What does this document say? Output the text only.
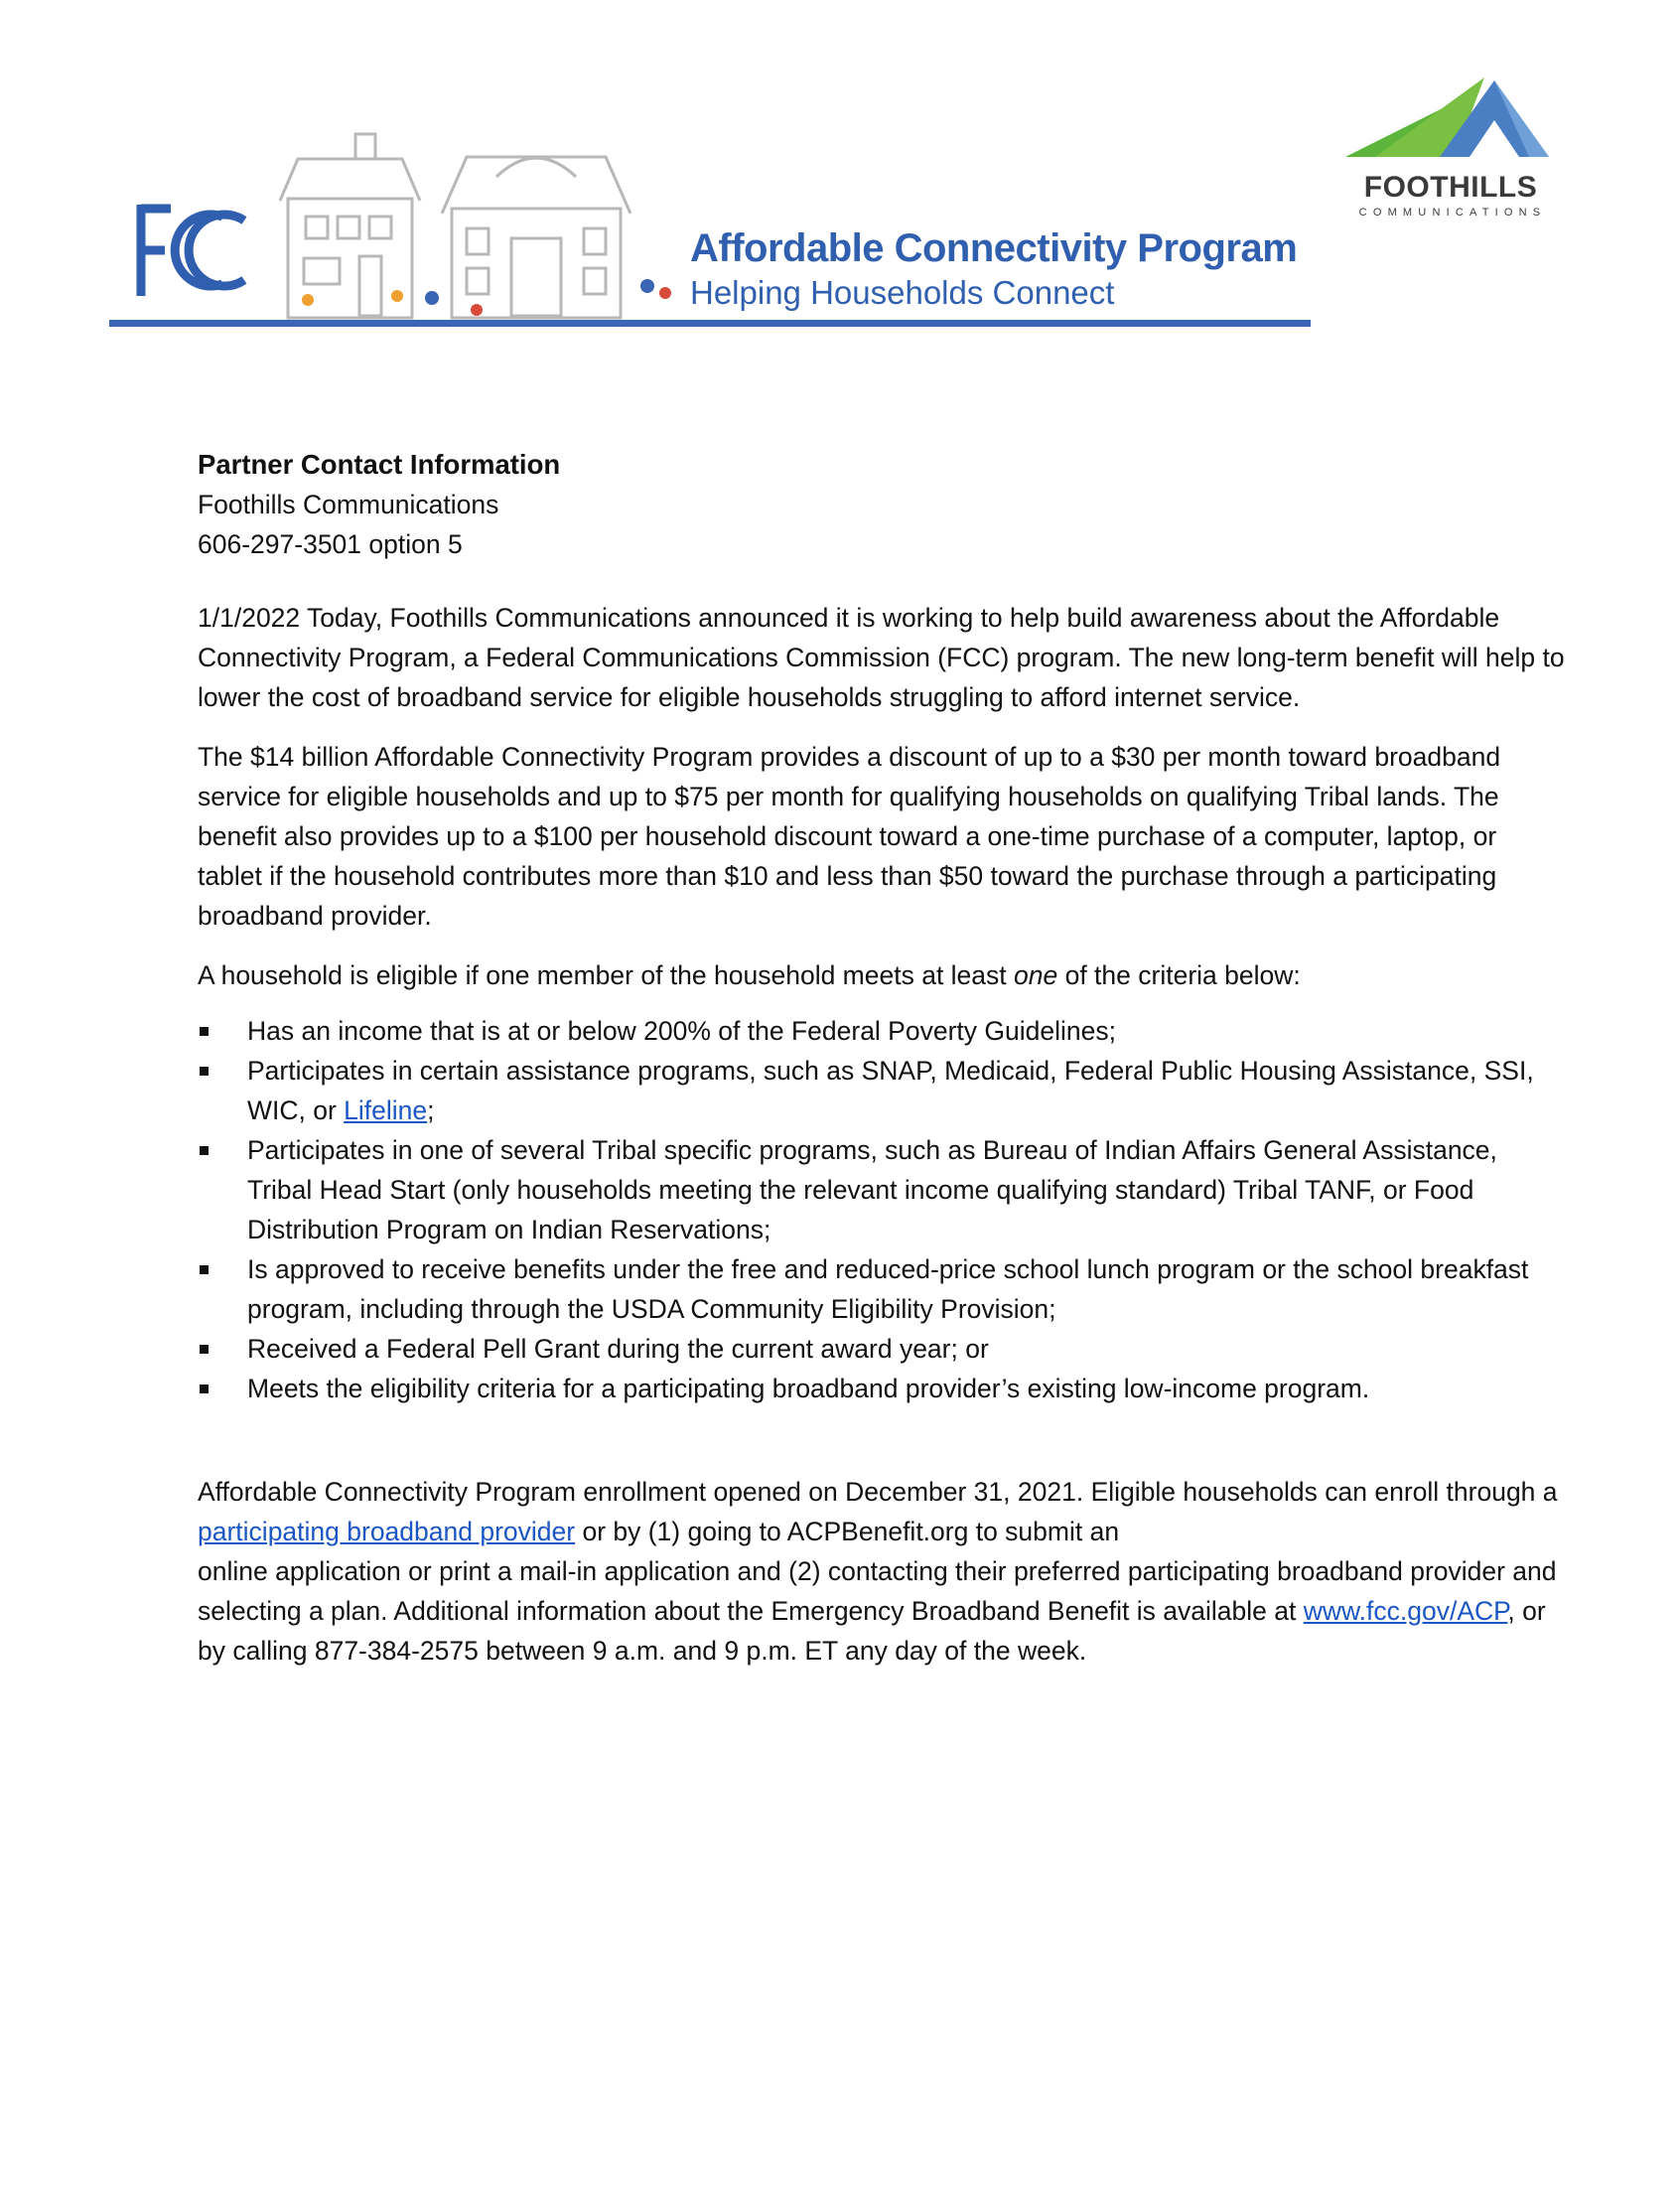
Affordable Connectivity Program
Helping Households Connect
FOOTHILLS
COMMUNICATIONS
Partner Contact Information
Foothills Communications
606-297-3501 option 5

1/1/2022 Today, Foothills Communications announced it is working to help build awareness about the Affordable Connectivity Program, a Federal Communications Commission (FCC) program. The new long-term benefit will help to lower the cost of broadband service for eligible households struggling to afford internet service.

The $14 billion Affordable Connectivity Program provides a discount of up to a $30 per month toward broadband service for eligible households and up to $75 per month for qualifying households on qualifying Tribal lands. The benefit also provides up to a $100 per household discount toward a one-time purchase of a computer, laptop, or tablet if the household contributes more than $10 and less than $50 toward the purchase through a participating broadband provider.

A household is eligible if one member of the household meets at least one of the criteria below:

Has an income that is at or below 200% of the Federal Poverty Guidelines;
Participates in certain assistance programs, such as SNAP, Medicaid, Federal Public Housing Assistance, SSI, WIC, or Lifeline;
Participates in one of several Tribal specific programs, such as Bureau of Indian Affairs General Assistance, Tribal Head Start (only households meeting the relevant income qualifying standard) Tribal TANF, or Food Distribution Program on Indian Reservations;
Is approved to receive benefits under the free and reduced-price school lunch program or the school breakfast program, including through the USDA Community Eligibility Provision;
Received a Federal Pell Grant during the current award year; or
Meets the eligibility criteria for a participating broadband provider’s existing low-income program.

Affordable Connectivity Program enrollment opened on December 31, 2021. Eligible households can enroll through a participating broadband provider or by (1) going to ACPBenefit.org to submit an
online application or print a mail-in application and (2) contacting their preferred participating broadband provider and selecting a plan. Additional information about the Emergency Broadband Benefit is available at www.fcc.gov/ACP, or by calling 877-384-2575 between 9 a.m. and 9 p.m. ET any day of the week.
